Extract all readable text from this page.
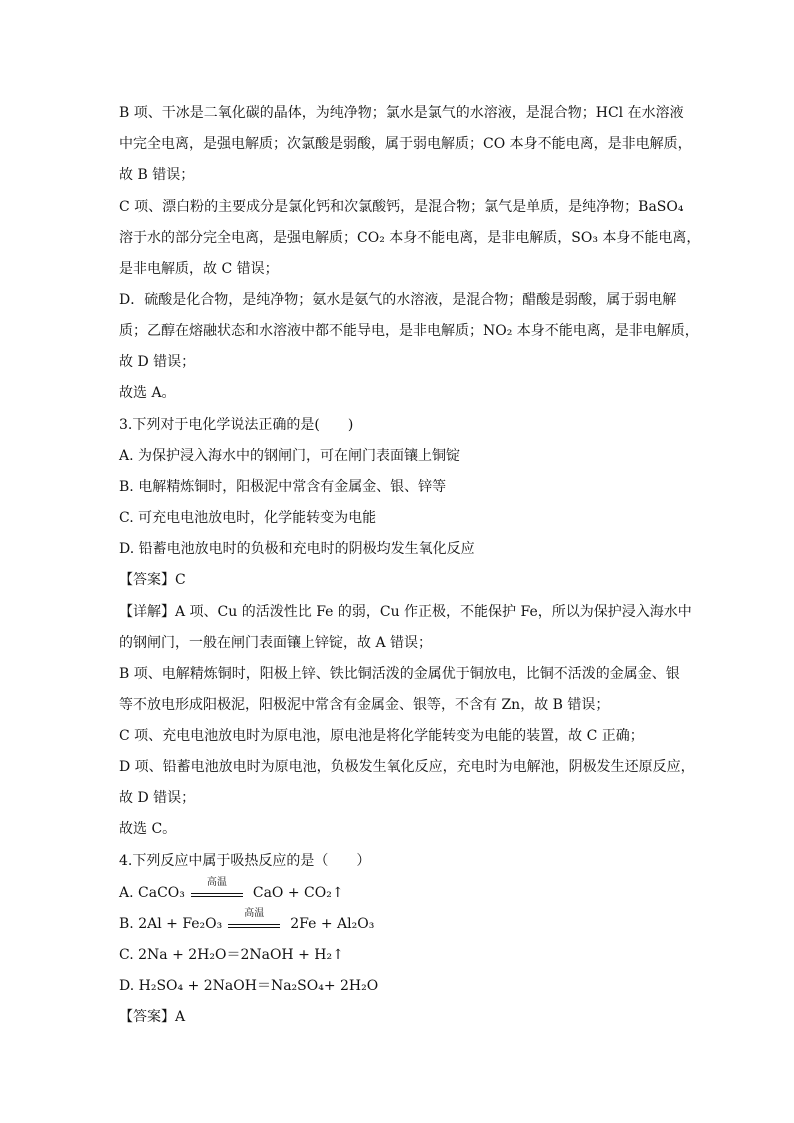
B 项、干冰是二氧化碳的晶体，为纯净物；氯水是氯气的水溶液，是混合物；HCl 在水溶液
中完全电离，是强电解质；次氯酸是弱酸，属于弱电解质；CO 本身不能电离，是非电解质，
故 B 错误；
C 项、漂白粉的主要成分是氯化钙和次氯酸钙，是混合物；氯气是单质，是纯净物；BaSO₄
溶于水的部分完全电离，是强电解质；CO₂ 本身不能电离，是非电解质，SO₃ 本身不能电离，
是非电解质，故 C 错误；
D．硫酸是化合物，是纯净物；氨水是氨气的水溶液，是混合物；醋酸是弱酸，属于弱电解
质；乙醇在熔融状态和水溶液中都不能导电，是非电解质；NO₂ 本身不能电离，是非电解质，
故 D 错误；
故选 A。
3.下列对于电化学说法正确的是(　　)
A. 为保护浸入海水中的钢闸门，可在闸门表面镶上铜锭
B. 电解精炼铜时，阳极泥中常含有金属金、银、锌等
C. 可充电电池放电时，化学能转变为电能
D. 铅蓄电池放电时的负极和充电时的阴极均发生氧化反应
【答案】C
【详解】A 项、Cu 的活泼性比 Fe 的弱，Cu 作正极，不能保护 Fe，所以为保护浸入海水中
的钢闸门，一般在闸门表面镶上锌锭，故 A 错误；
B 项、电解精炼铜时，阳极上锌、铁比铜活泼的金属优于铜放电，比铜不活泼的金属金、银
等不放电形成阳极泥，阳极泥中常含有金属金、银等，不含有 Zn，故 B 错误；
C 项、充电电池放电时为原电池，原电池是将化学能转变为电能的装置，故 C 正确；
D 项、铅蓄电池放电时为原电池，负极发生氧化反应，充电时为电解池，阴极发生还原反应，
故 D 错误；
故选 C。
4.下列反应中属于吸热反应的是（　　）
A. CaCO₃
高温
CaO + CO₂↑
B. 2Al + Fe₂O₃
高温
2Fe + Al₂O₃
C. 2Na + 2H₂O＝2NaOH + H₂↑
D. H₂SO₄ + 2NaOH＝Na₂SO₄+ 2H₂O
【答案】A
